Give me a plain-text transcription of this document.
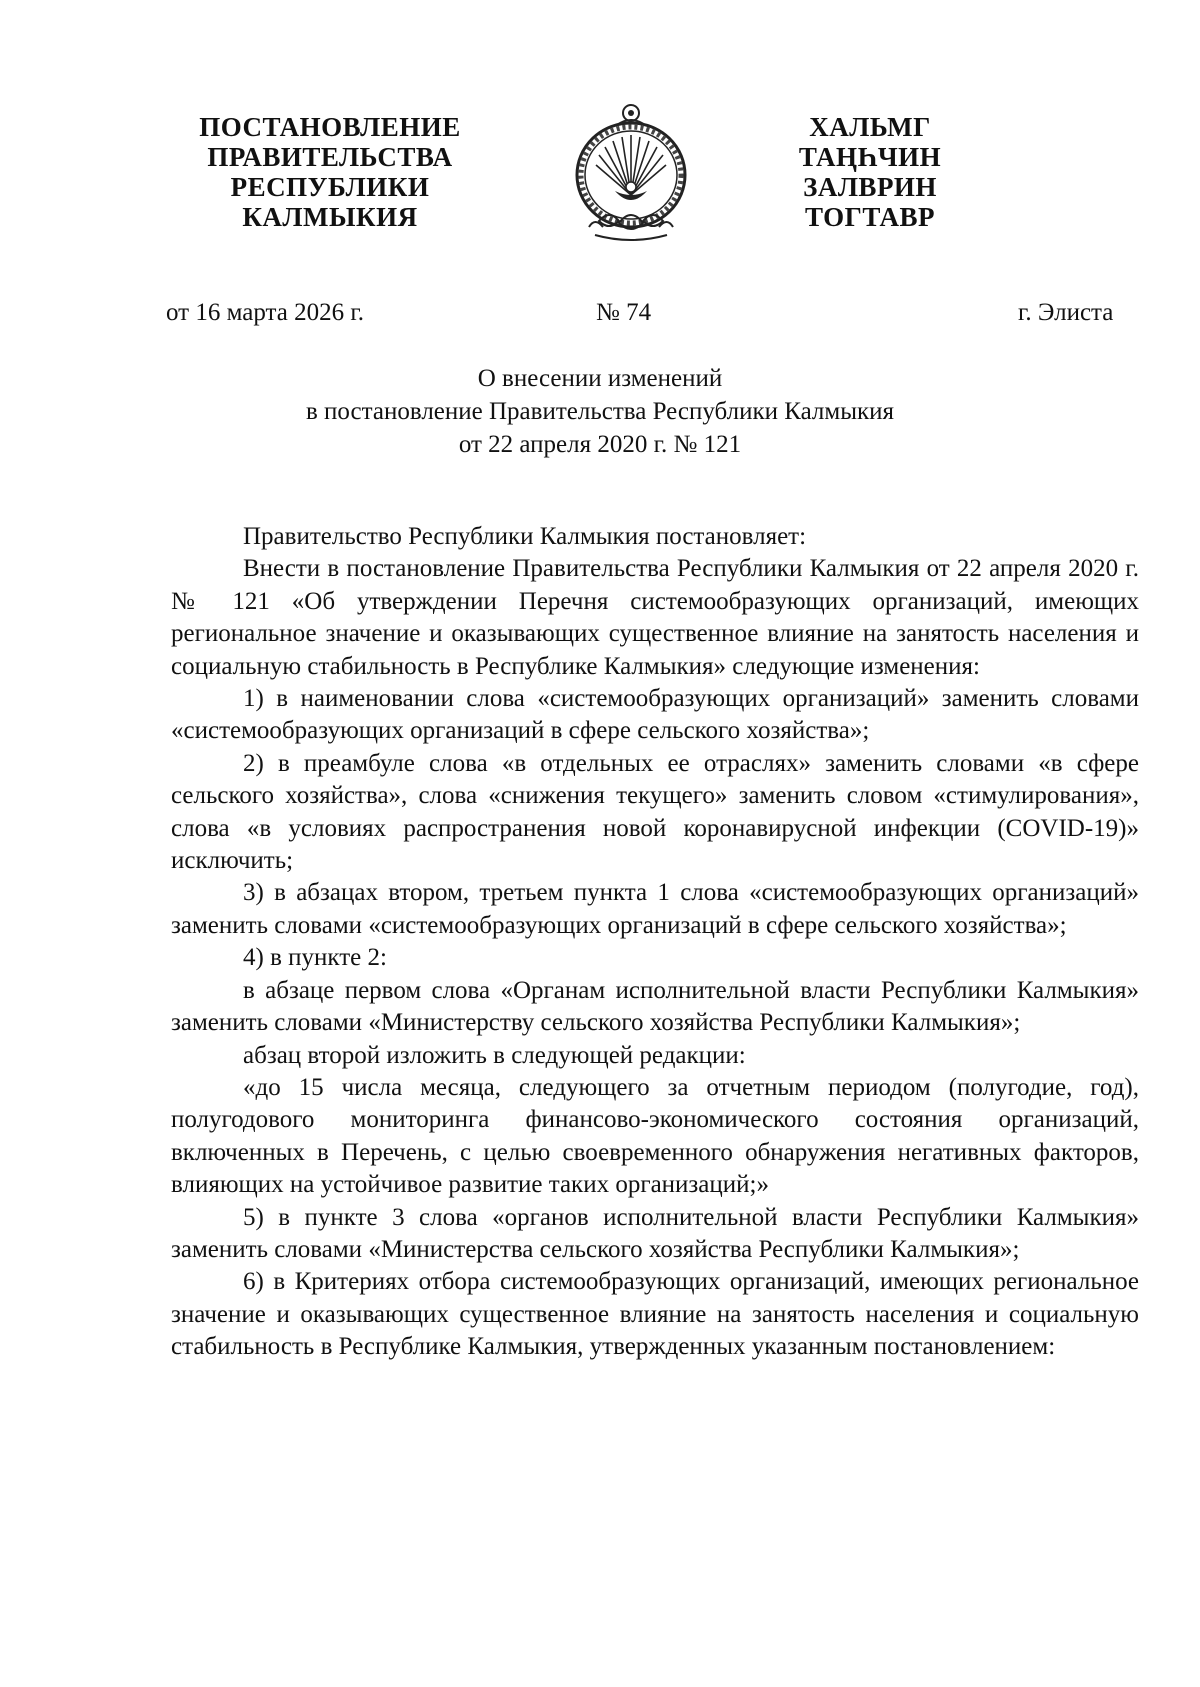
ПОСТАНОВЛЕНИЕ
ПРАВИТЕЛЬСТВА
РЕСПУБЛИКИ
КАЛМЫКИЯ
ХАЛЬМГ
ТАҢҺЧИН
ЗАЛВРИН
ТОГТАВР
от 16 марта 2026 г.	№ 74	г. Элиста
О внесении изменений
в постановление Правительства Республики Калмыкия
от 22 апреля 2020 г. № 121

Правительство Республики Калмыкия постановляет:

Внести в постановление Правительства Республики Калмыкия от 22 апреля 2020 г. № 121 «Об утверждении Перечня системообразующих организаций, имеющих региональное значение и оказывающих существенное влияние на занятость населения и социальную стабильность в Республике Калмыкия» следующие изменения:

1) в наименовании слова «системообразующих организаций» заменить словами «системообразующих организаций в сфере сельского хозяйства»;

2) в преамбуле слова «в отдельных ее отраслях» заменить словами «в сфере сельского хозяйства», слова «снижения текущего» заменить словом «стимулирования», слова «в условиях распространения новой коронавирусной инфекции (COVID-19)» исключить;

3) в абзацах втором, третьем пункта 1 слова «системообразующих организаций» заменить словами «системообразующих организаций в сфере сельского хозяйства»;

4) в пункте 2:

в абзаце первом слова «Органам исполнительной власти Республики Калмыкия» заменить словами «Министерству сельского хозяйства Республики Калмыкия»;

абзац второй изложить в следующей редакции:

«до 15 числа месяца, следующего за отчетным периодом (полугодие, год), полугодового мониторинга финансово-экономического состояния организаций, включенных в Перечень, с целью своевременного обнаружения негативных факторов, влияющих на устойчивое развитие таких организаций;»

5) в пункте 3 слова «органов исполнительной власти Республики Калмыкия» заменить словами «Министерства сельского хозяйства Республики Калмыкия»;

6) в Критериях отбора системообразующих организаций, имеющих региональное значение и оказывающих существенное влияние на занятость населения и социальную стабильность в Республике Калмыкия, утвержденных указанным постановлением:
